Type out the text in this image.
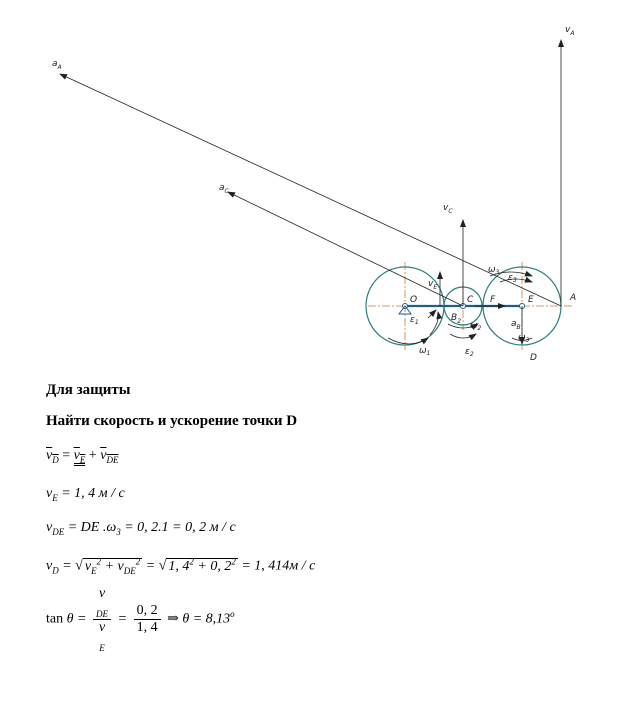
$a_A$
$a_C$
$v_A$
$v_C$
$v_E$
$a_B$
O	C F	E	A
$B_2$
D
$\omega_1$
$\varepsilon_1$	$\omega_2$
$\varepsilon_2$
$\omega_3$
$\varepsilon_3$
$\omega_3$
Для защиты
Найти скорость и ускорение точки D
$v_D = v_E + v_{DE}$
$v_E = 1$, 4 м / с
$v_{DE}$ = DE $.\omega_3 = 0$, 2.1 = 0, 2 м / с
$v_D$ = √ $v_E^2 + v_{DE}^2$ = √ 1, $4^2 + 0$, $2^2 = 1$, 414м / с
tan θ = v
$_{DE}$
v
$_E = \frac{0, 2}{1, 4}$ ⇒ $\theta = 8,13^o$
